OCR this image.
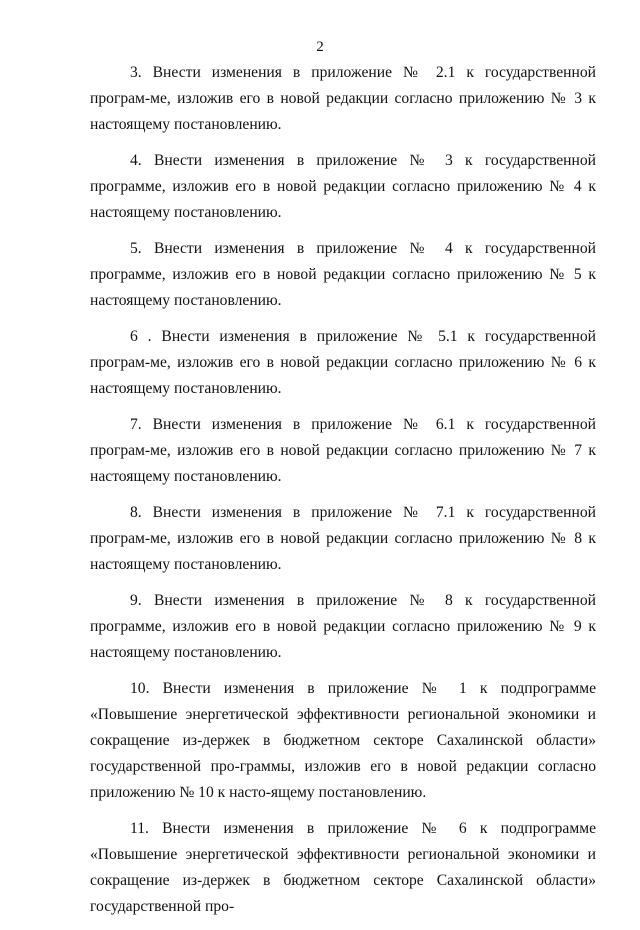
2

3. Внести изменения в приложение № 2.1 к государственной програм-ме, изложив его в новой редакции согласно приложению № 3 к настоящему постановлению.

4. Внести изменения в приложение № 3 к государственной программе, изложив его в новой редакции согласно приложению № 4 к настоящему постановлению.

5. Внести изменения в приложение № 4 к государственной программе, изложив его в новой редакции согласно приложению № 5 к настоящему постановлению.

6 . Внести изменения в приложение № 5.1 к государственной програм-ме, изложив его в новой редакции согласно приложению № 6 к настоящему постановлению.

7. Внести изменения в приложение № 6.1 к государственной програм-ме, изложив его в новой редакции согласно приложению № 7 к настоящему постановлению.

8. Внести изменения в приложение № 7.1 к государственной програм-ме, изложив его в новой редакции согласно приложению № 8 к настоящему постановлению.

9. Внести изменения в приложение № 8 к государственной программе, изложив его в новой редакции согласно приложению № 9 к настоящему постановлению.

10. Внести изменения в приложение № 1 к подпрограмме «Повышение энергетической эффективности региональной экономики и сокращение из-держек в бюджетном секторе Сахалинской области» государственной про-граммы, изложив его в новой редакции согласно приложению № 10 к насто-ящему постановлению.

11. Внести изменения в приложение № 6 к подпрограмме «Повышение энергетической эффективности региональной экономики и сокращение из-держек в бюджетном секторе Сахалинской области» государственной про-
